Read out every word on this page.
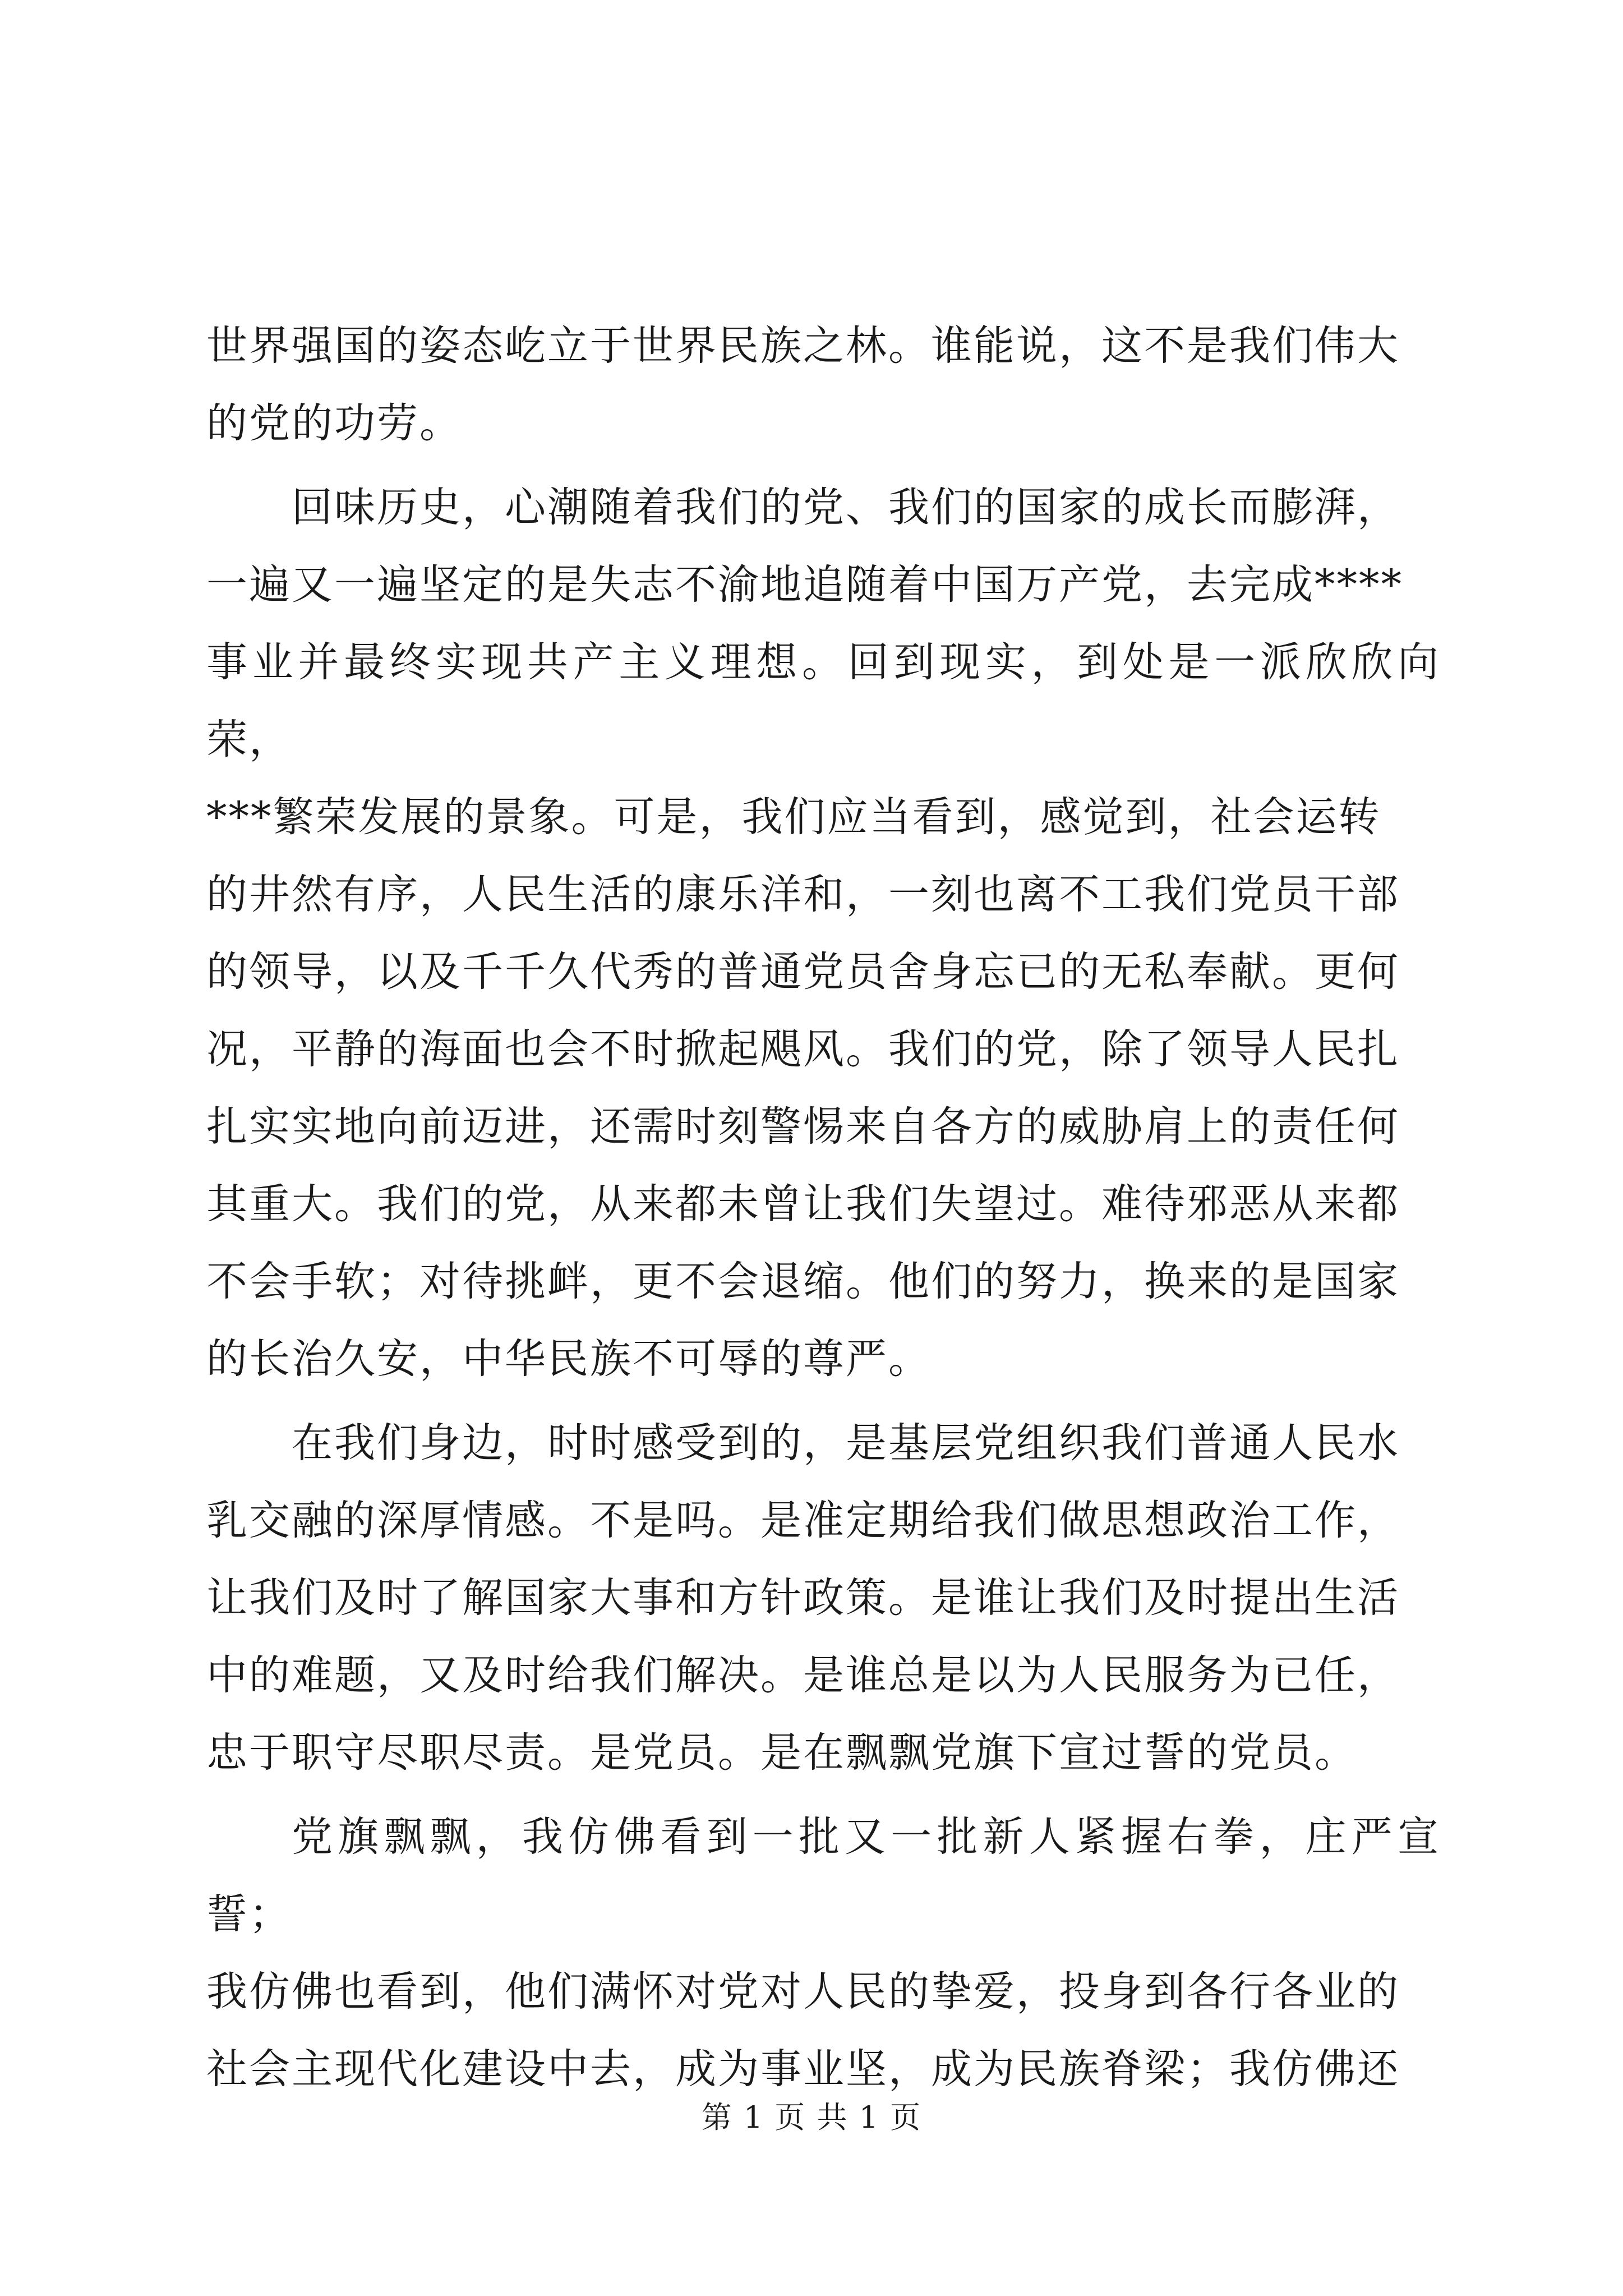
世界强国的姿态屹立于世界民族之林。谁能说，这不是我们伟大
的党的功劳。

回味历史，心潮随着我们的党、我们的国家的成长而膨湃，
一遍又一遍坚定的是失志不渝地追随着中国万产党，去完成****
事业并最终实现共产主义理想。回到现实，到处是一派欣欣向荣，
***繁荣发展的景象。可是，我们应当看到，感觉到，社会运转
的井然有序，人民生活的康乐洋和，一刻也离不工我们党员干部
的领导，以及千千久代秀的普通党员舍身忘已的无私奉献。更何
况，平静的海面也会不时掀起飓风。我们的党，除了领导人民扎
扎实实地向前迈进，还需时刻警惕来自各方的威胁肩上的责任何
其重大。我们的党，从来都未曾让我们失望过。难待邪恶从来都
不会手软；对待挑衅，更不会退缩。他们的努力，换来的是国家
的长治久安，中华民族不可辱的尊严。

在我们身边，时时感受到的，是基层党组织我们普通人民水
乳交融的深厚情感。不是吗。是准定期给我们做思想政治工作，
让我们及时了解国家大事和方针政策。是谁让我们及时提出生活
中的难题，又及时给我们解决。是谁总是以为人民服务为已任，
忠于职守尽职尽责。是党员。是在飘飘党旗下宣过誓的党员。

党旗飘飘，我仿佛看到一批又一批新人紧握右拳，庄严宣誓；
我仿佛也看到，他们满怀对党对人民的挚爱，投身到各行各业的
社会主现代化建设中去，成为事业坚，成为民族脊梁；我仿佛还

第 1 页 共 1 页
